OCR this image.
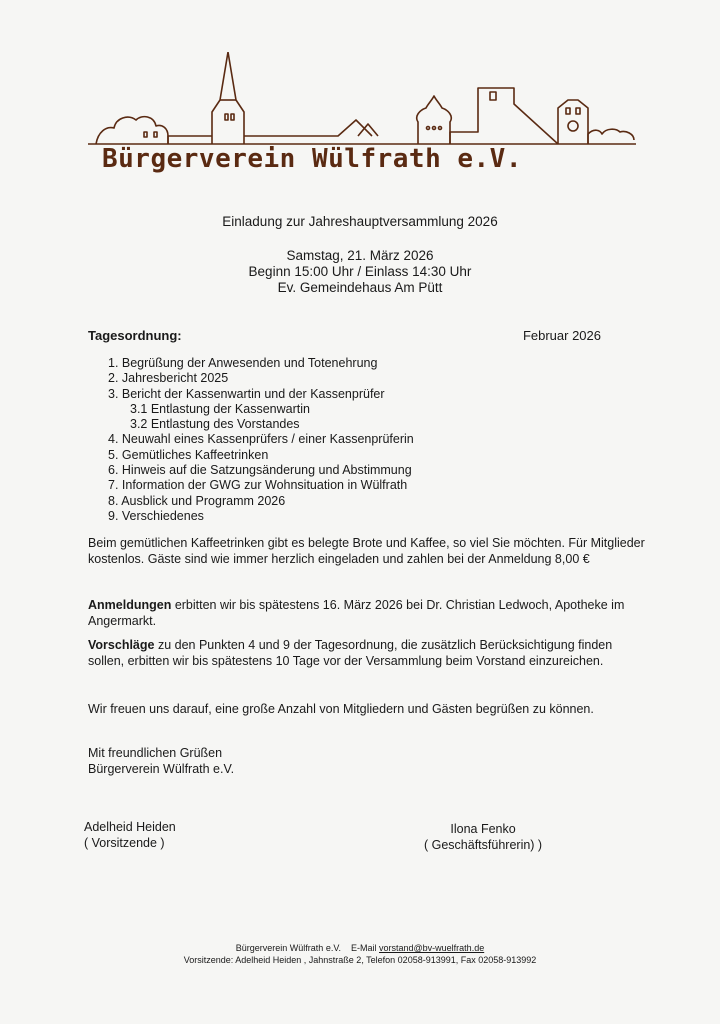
Bürgerverein Wülfrath e.V.
Einladung zur Jahreshauptversammlung 2026
Samstag, 21. März 2026
Beginn 15:00 Uhr / Einlass 14:30 Uhr
Ev. Gemeindehaus Am Pütt
Tagesordnung:	Februar 2026
1. Begrüßung der Anwesenden und Totenehrung
2. Jahresbericht 2025
3. Bericht der Kassenwartin und der Kassenprüfer
3.1 Entlastung der Kassenwartin
3.2 Entlastung des Vorstandes
4. Neuwahl eines Kassenprüfers / einer Kassenprüferin
5. Gemütliches Kaffeetrinken
6. Hinweis auf die Satzungsänderung und Abstimmung
7. Information der GWG zur Wohnsituation in Wülfrath
8. Ausblick und Programm 2026
9. Verschiedenes

Beim gemütlichen Kaffeetrinken gibt es belegte Brote und Kaffee, so viel Sie möchten. Für Mitglieder kostenlos. Gäste sind wie immer herzlich eingeladen und zahlen bei der Anmeldung 8,00 €

Anmeldungen erbitten wir bis spätestens 16. März 2026 bei Dr. Christian Ledwoch, Apotheke im Angermarkt.

Vorschläge zu den Punkten 4 und 9 der Tagesordnung, die zusätzlich Berücksichtigung finden sollen, erbitten wir bis spätestens 10 Tage vor der Versammlung beim Vorstand einzureichen.

Wir freuen uns darauf, eine große Anzahl von Mitgliedern und Gästen begrüßen zu können.

Mit freundlichen Grüßen
Bürgerverein Wülfrath e.V.
Adelheid Heiden
( Vorsitzende )
Ilona Fenko
( Geschäftsführerin) )
Bürgerverein Wülfrath e.V.    E-Mail vorstand@bv-wuelfrath.de
Vorsitzende: Adelheid Heiden , Jahnstraße 2, Telefon 02058-913991, Fax 02058-913992
